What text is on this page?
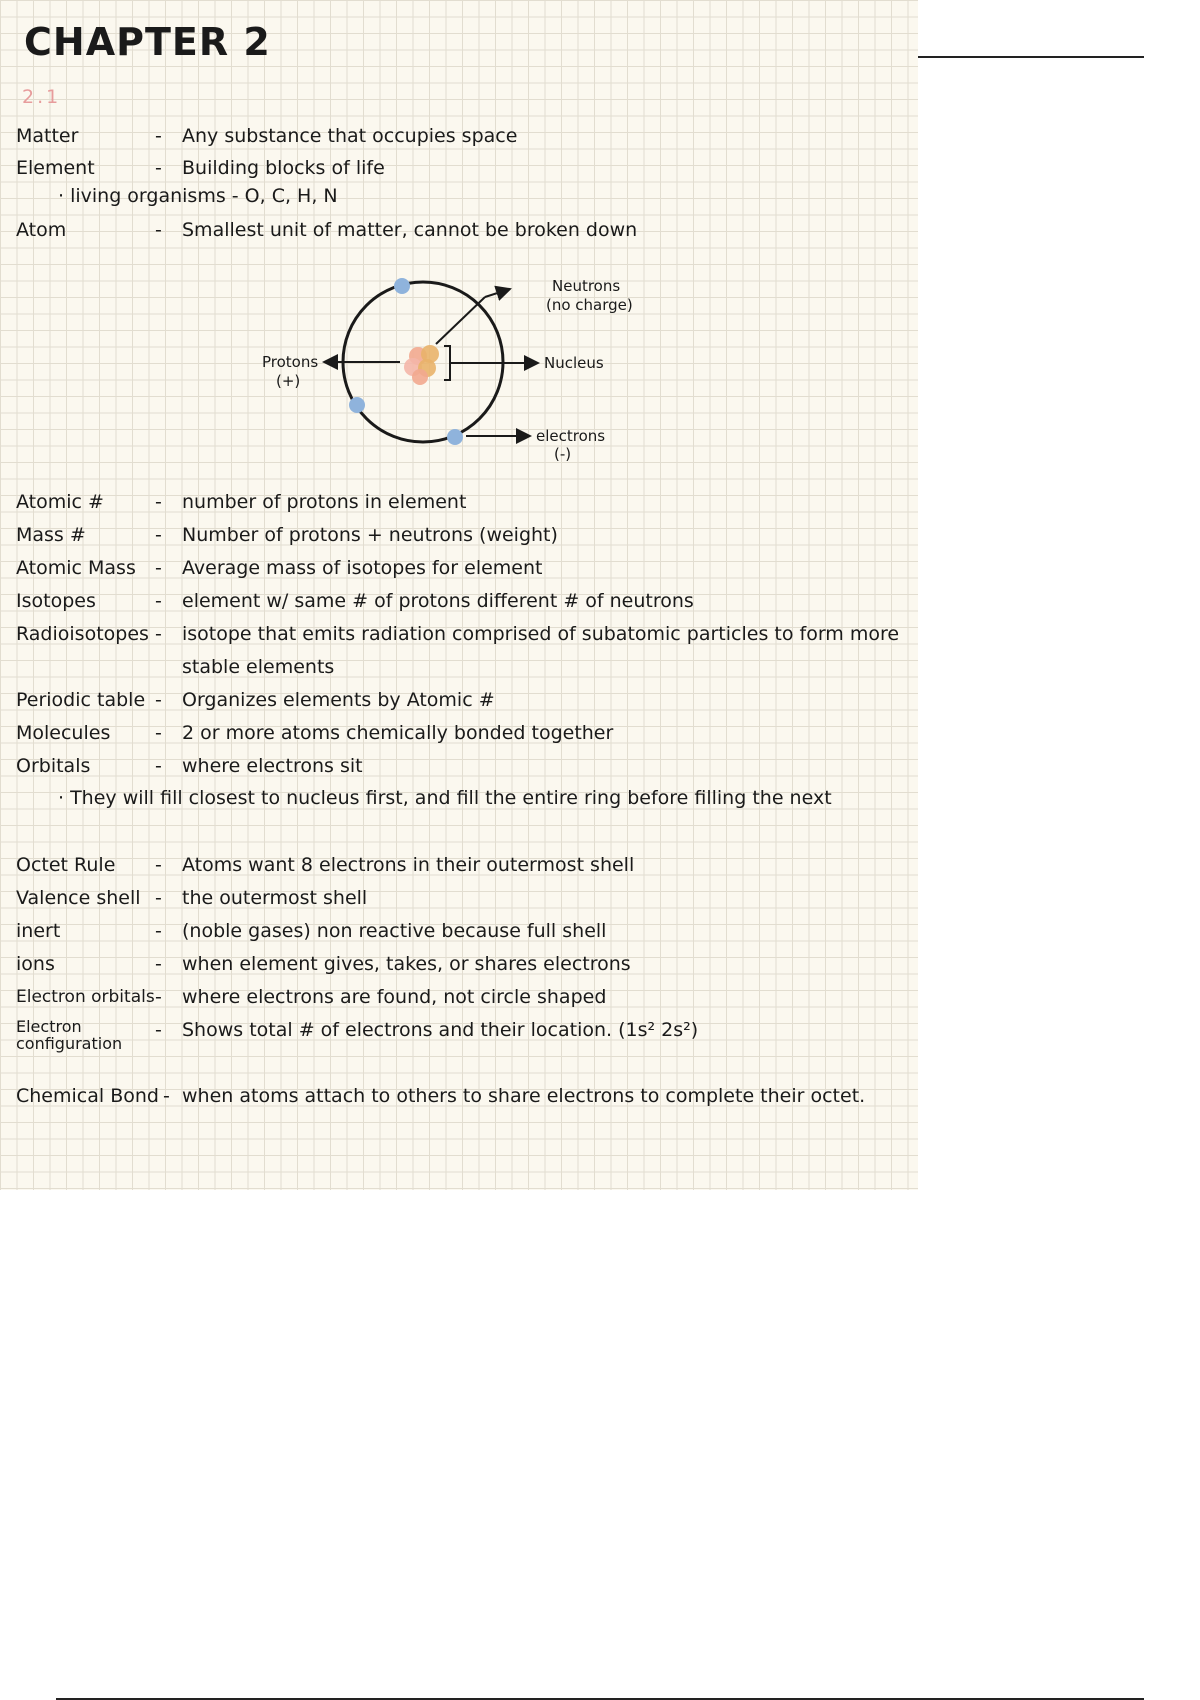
CHAPTER 2
2.1
Matter	- Any substance that occupies space
Element	- Building blocks of life
· living organisms - O, C, H, N
Atom	- Smallest unit of matter, cannot be broken down
Neutrons
(no charge)
Protons
(+)
Nucleus
electrons
(-)
Atomic #	- number of protons in element
Mass #	- Number of protons + neutrons (weight)
Atomic Mass	- Average mass of isotopes for element
Isotopes	- element w/ same # of protons different # of neutrons
Radioisotopes - isotope that emits radiation comprised of subatomic particles to form more stable elements
Periodic table - Organizes elements by Atomic #
Molecules	- 2 or more atoms chemically bonded together
Orbitals	- where electrons sit
· They will fill closest to nucleus first, and fill the entire ring before filling the next
Octet Rule	- Atoms want 8 electrons in their outermost shell
Valence shell - the outermost shell
inert	- (noble gases) non reactive because full shell
ions	- when element gives, takes, or shares electrons
Electron orbitals - where electrons are found, not circle shaped
Electron configuration
- Shows total # of electrons and their location. (1s² 2s²)
Chemical Bond - when atoms attach to others to share electrons to complete their octet.
